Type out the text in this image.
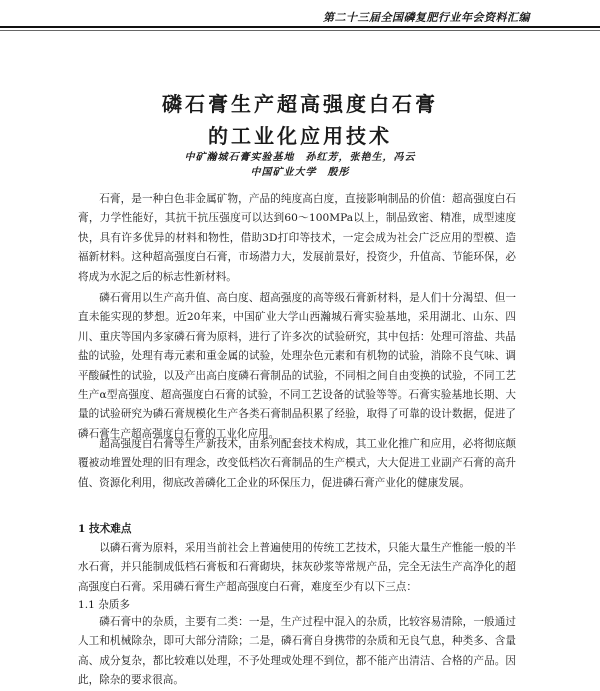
第二十三届全国磷复肥行业年会资料汇编
磷石膏生产超高强度白石膏
的工业化应用技术
中矿瀚城石膏实验基地　孙红芳，张艳生，冯云
中国矿业大学　殷彤

石膏，是一种白色非金属矿物，产品的纯度高白度，直接影响制品的价值：超高强度白石膏，力学性能好，其抗干抗压强度可以达到60～100MPa以上，制品致密、精准，成型速度快，具有许多优异的材料和物性，借助3D打印等技术，一定会成为社会广泛应用的型模、造福新材料。这种超高强度白石膏，市场潜力大，发展前景好，投资少，升值高、节能环保，必将成为水泥之后的标志性新材料。

磷石膏用以生产高升值、高白度、超高强度的高等级石膏新材料，是人们十分渴望、但一直未能实现的梦想。近20年来，中国矿业大学山西瀚城石膏实验基地，采用湖北、山东、四川、重庆等国内多家磷石膏为原料，进行了许多次的试验研究，其中包括：处理可溶盐、共晶盐的试验，处理有毒元素和重金属的试验，处理杂色元素和有机物的试验，消除不良气味、调平酸碱性的试验，以及产出高白度磷石膏制品的试验，不同相之间自由变换的试验，不同工艺生产α型高强度、超高强度白石膏的试验，不同工艺设备的试验等等。石膏实验基地长期、大量的试验研究为磷石膏规模化生产各类石膏制品积累了经验，取得了可靠的设计数据，促进了磷石膏生产超高强度白石膏的工业化应用。

超高强度白石膏等生产新技术，由系列配套技术构成，其工业化推广和应用，必将彻底颠覆被动堆置处理的旧有理念，改变低档次石膏制品的生产模式，大大促进工业副产石膏的高升值、资源化利用，彻底改善磷化工企业的环保压力，促进磷石膏产业化的健康发展。

1 技术难点

以磷石膏为原料，采用当前社会上普遍使用的传统工艺技术，只能大量生产惟能一般的半水石膏，并只能制成低档石膏板和石膏砌块，抹灰砂浆等常规产品，完全无法生产高净化的超高强度白石膏。采用磷石膏生产超高强度白石膏，难度至少有以下三点：

1.1 杂质多

磷石膏中的杂质，主要有二类：一是，生产过程中混入的杂质，比较容易清除，一般通过人工和机械除杂，即可大部分清除；二是，磷石膏自身携带的杂质和无良气息，种类多、含量高、成分复杂，都比较难以处理，不予处理或处理不到位，都不能产出清洁、合格的产品。因此，除杂的要求很高。
